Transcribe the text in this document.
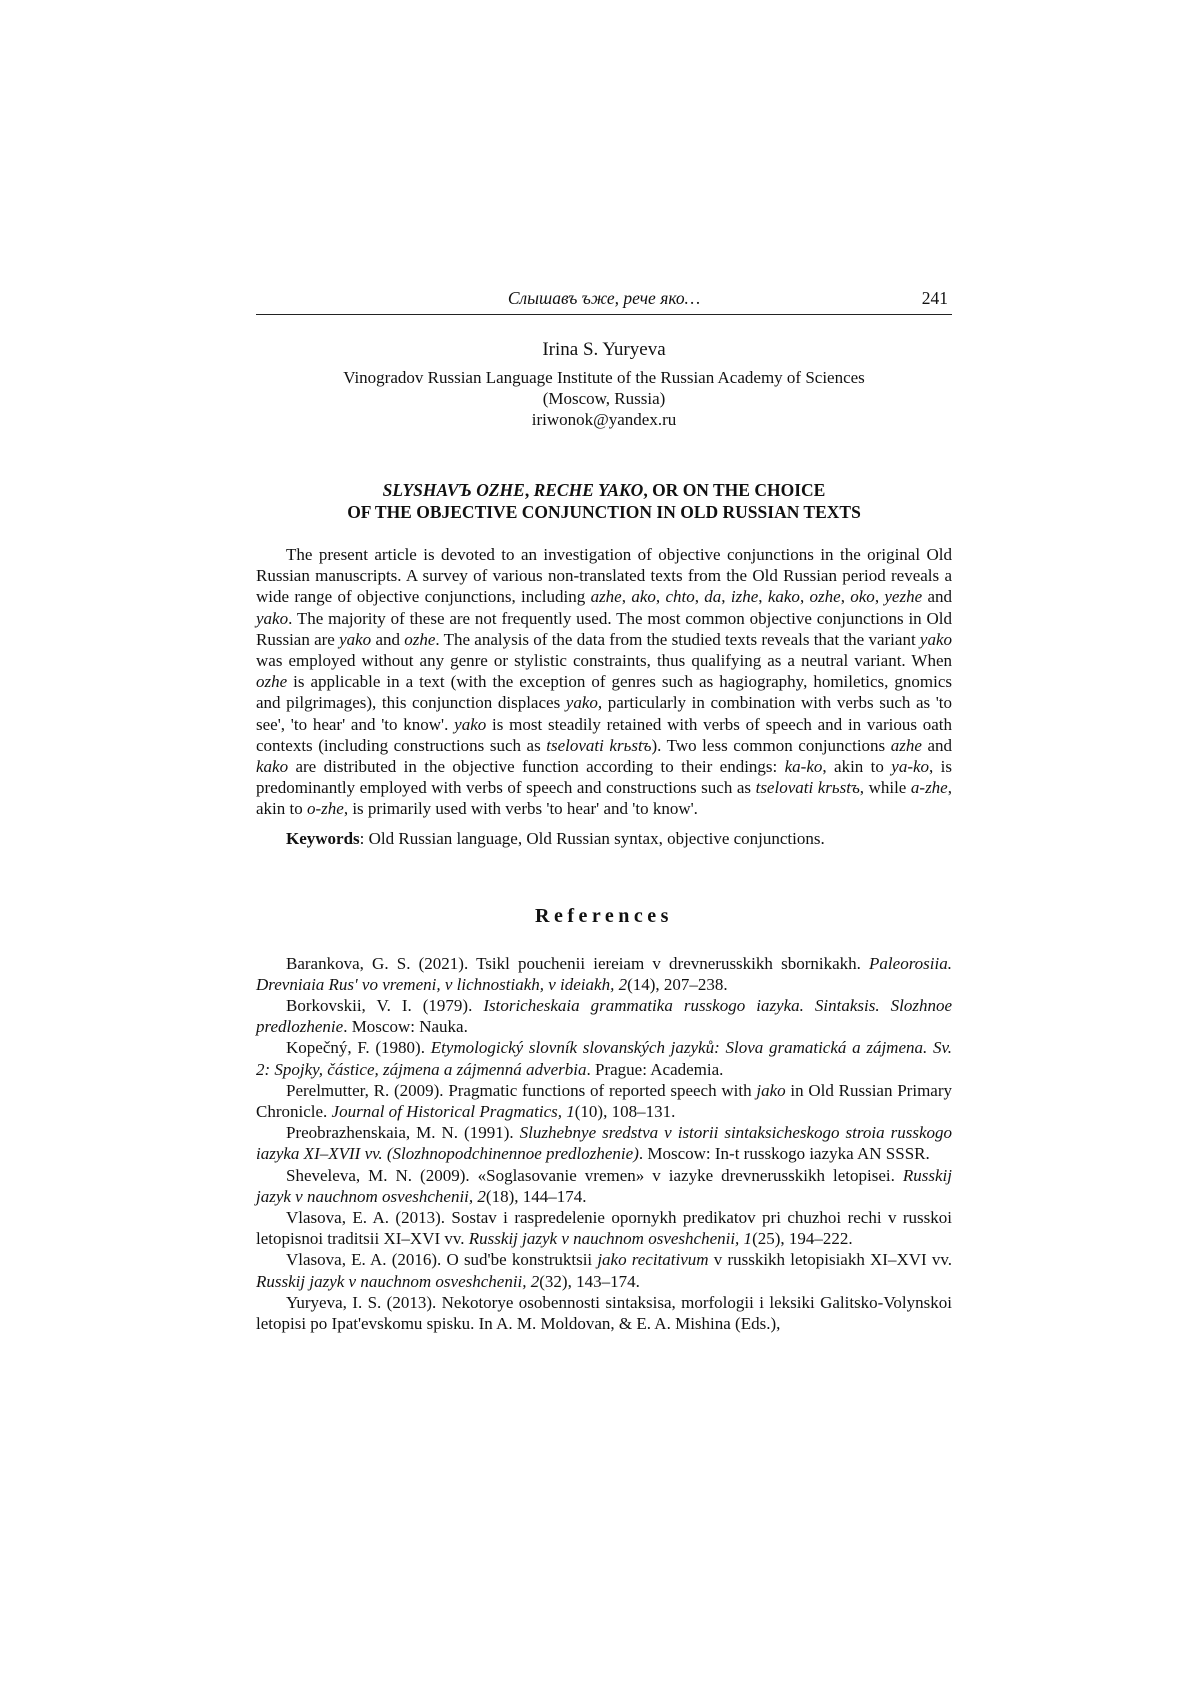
Слышавъ ъже, рече яко…	241
Irina S. Yuryeva
Vinogradov Russian Language Institute of the Russian Academy of Sciences
(Moscow, Russia)
iriwonok@yandex.ru
SLYSHAVЪ OZHE, RECHE YAKO, OR ON THE CHOICE
OF THE OBJECTIVE CONJUNCTION IN OLD RUSSIAN TEXTS

The present article is devoted to an investigation of objective conjunctions in the original Old Russian manuscripts. A survey of various non-translated texts from the Old Russian period reveals a wide range of objective conjunctions, including azhe, ako, chto, da, izhe, kako, ozhe, oko, yezhe and yako. The majority of these are not frequently used. The most common objective conjunctions in Old Russian are yako and ozhe. The analysis of the data from the studied texts reveals that the variant yako was employed without any genre or stylistic constraints, thus qualifying as a neutral variant. When ozhe is applicable in a text (with the exception of genres such as hagiography, homiletics, gnomics and pilgrimages), this conjunction displaces yako, particularly in combination with verbs such as 'to see', 'to hear' and 'to know'. yako is most steadily retained with verbs of speech and in various oath contexts (including constructions such as tselovati krьstъ). Two less common conjunctions azhe and kako are distributed in the objective function according to their endings: ka-ko, akin to ya-ko, is predominantly employed with verbs of speech and constructions such as tselovati krьstъ, while a-zhe, akin to o-zhe, is primarily used with verbs 'to hear' and 'to know'.

Keywords: Old Russian language, Old Russian syntax, objective conjunctions.
References

Barankova, G. S. (2021). Tsikl pouchenii iereiam v drevnerusskikh sbornikakh. Paleorosiia. Drevniaia Rus' vo vremeni, v lichnostiakh, v ideiakh, 2(14), 207–238.

Borkovskii, V. I. (1979). Istoricheskaia grammatika russkogo iazyka. Sintaksis. Slozhnoe predlozhenie. Moscow: Nauka.

Kopečný, F. (1980). Etymologický slovník slovanských jazyků: Slova gramatická a zájmena. Sv. 2: Spojky, částice, zájmena a zájmenná adverbia. Prague: Academia.

Perelmutter, R. (2009). Pragmatic functions of reported speech with jako in Old Russian Primary Chronicle. Journal of Historical Pragmatics, 1(10), 108–131.

Preobrazhenskaia, M. N. (1991). Sluzhebnye sredstva v istorii sintaksicheskogo stroia russkogo iazyka XI–XVII vv. (Slozhnopodchinennoe predlozhenie). Moscow: In-t russkogo iazyka AN SSSR.

Sheveleva, M. N. (2009). «Soglasovanie vremen» v iazyke drevnerusskikh letopisei. Russkij jazyk v nauchnom osveshchenii, 2(18), 144–174.

Vlasova, E. A. (2013). Sostav i raspredelenie opornykh predikatov pri chuzhoi rechi v russkoi letopisnoi traditsii XI–XVI vv. Russkij jazyk v nauchnom osveshchenii, 1(25), 194–222.

Vlasova, E. A. (2016). O sud'be konstruktsii jako recitativum v russkikh letopisiakh XI–XVI vv. Russkij jazyk v nauchnom osveshchenii, 2(32), 143–174.

Yuryeva, I. S. (2013). Nekotorye osobennosti sintaksisa, morfologii i leksiki Galitsko-Volynskoi letopisi po Ipat'evskomu spisku. In A. M. Moldovan, & E. A. Mishina (Eds.),
